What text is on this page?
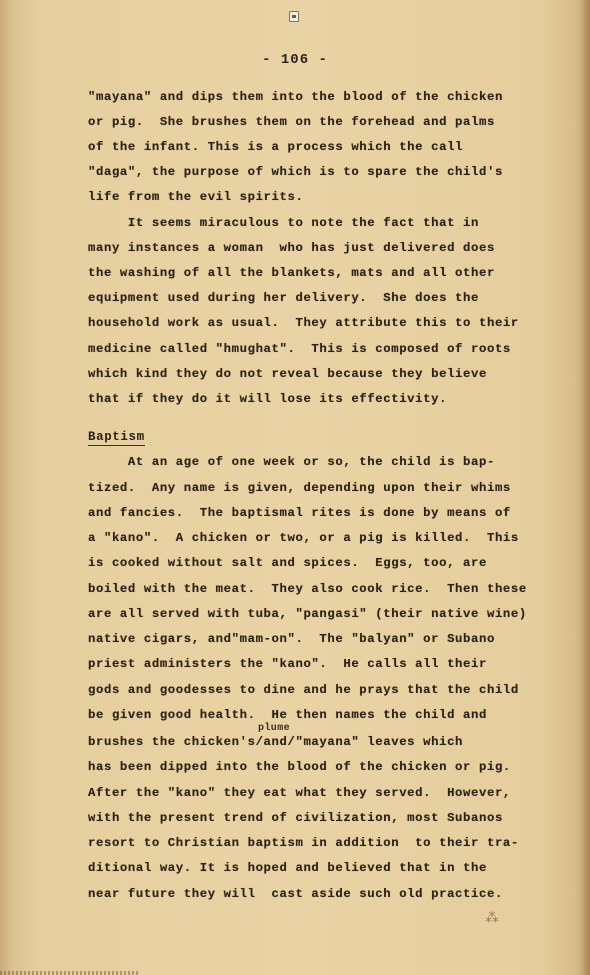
- 106 -
"mayana" and dips them into the blood of the chicken
or pig.  She brushes them on the forehead and palms
of the infant. This is a process which the call
"daga", the purpose of which is to spare the child's
life from the evil spirits.
It seems miraculous to note the fact that in
many instances a woman  who has just delivered does
the washing of all the blankets, mats and all other
equipment used during her delivery.  She does the
household work as usual.  They attribute this to their
medicine called "hmughat".  This is composed of roots
which kind they do not reveal because they believe
that if they do it will lose its effectivity.
Baptism
At an age of one week or so, the child is bap-
tized.  Any name is given, depending upon their whims
and fancies.  The baptismal rites is done by means of
a "kano".  A chicken or two, or a pig is killed.  This
is cooked without salt and spices.  Eggs, too, are
boiled with the meat.  They also cook rice.  Then these
are all served with tuba, "pangasi" (their native wine)
native cigars, and"mam-on".  The "balyan" or Subano
priest administers the "kano".  He calls all their
gods and goodesses to dine and he prays that the child
be given good health.  He then names the child and
plume
brushes the chicken's/and/"mayana" leaves which
has been dipped into the blood of the chicken or pig.
After the "kano" they eat what they served.  However,
with the present trend of civilization, most Subanos
resort to Christian baptism in addition  to their tra-
ditional way. It is hoped and believed that in the
near future they will  cast aside such old practice.
⁂
